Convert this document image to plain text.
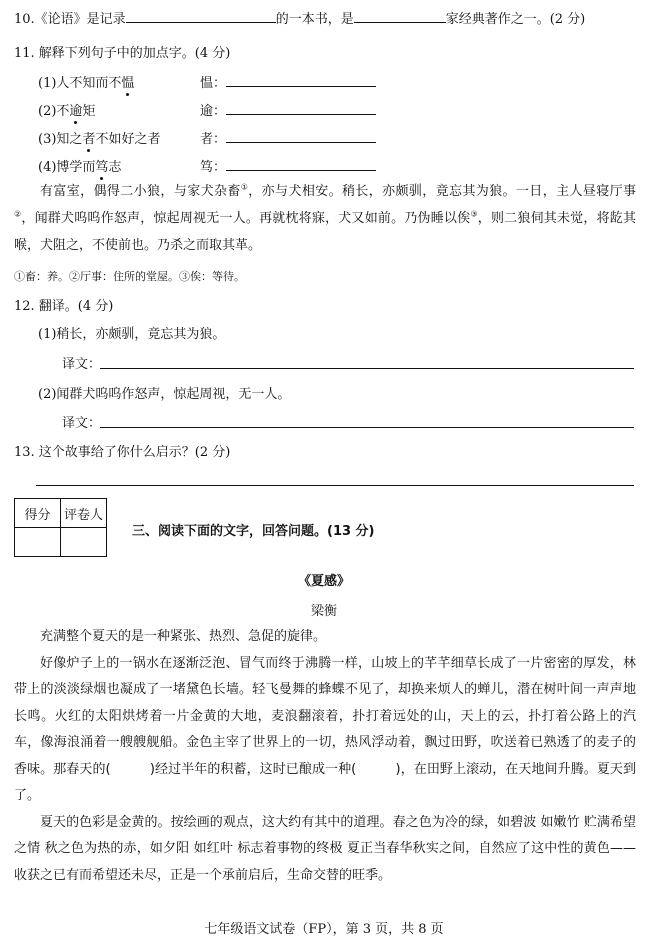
10.《论语》是记录	的一本书，是	家经典著作之一。(2 分)
11. 解释下列句子中的加点字。(4 分)
(1)人不知而不愠	愠：
(2)不逾矩	逾：
(3)知之者不如好之者	者：
(4)博学而笃志	笃：

有富室，偶得二小狼，与家犬杂畜①，亦与犬相安。稍长，亦颇驯，竟忘其为狼。一日，主人昼寝厅事②，闻群犬呜呜作怒声，惊起周视无一人。再就枕将寐，犬又如前。乃伪睡以俟③，则二狼伺其未觉，将龁其喉，犬阻之，不使前也。乃杀之而取其革。

①畜：养。②厅事：住所的堂屋。③俟：等待。
12. 翻译。(4 分)
(1)稍长，亦颇驯，竟忘其为狼。
译文：
(2)闻群犬呜呜作怒声，惊起周视，无一人。
译文：
13. 这个故事给了你什么启示？(2 分)
得分	评卷人

三、阅读下面的文字，回答问题。(13 分)
《夏感》
梁衡

充满整个夏天的是一种紧张、热烈、急促的旋律。

好像炉子上的一锅水在逐渐泛泡、冒气而终于沸腾一样，山坡上的芊芊细草长成了一片密密的厚发，林带上的淡淡绿烟也凝成了一堵黛色长墙。轻飞曼舞的蜂蝶不见了，却换来烦人的蝉儿，潜在树叶间一声声地长鸣。火红的太阳烘烤着一片金黄的大地，麦浪翻滚着，扑打着远处的山，天上的云，扑打着公路上的汽车，像海浪涌着一艘艘舰船。金色主宰了世界上的一切，热风浮动着，飘过田野，吹送着已熟透了的麦子的香味。那春天的(　　　)经过半年的积蓄，这时已酿成一种(　　　)，在田野上滚动，在天地间升腾。夏天到了。

夏天的色彩是金黄的。按绘画的观点，这大约有其中的道理。春之色为冷的绿，如碧波 如嫩竹 贮满希望之情 秋之色为热的赤，如夕阳 如红叶 标志着事物的终极 夏正当春华秋实之间，自然应了这中性的黄色——收获之已有而希望还未尽，正是一个承前启后，生命交替的旺季。

七年级语文试卷（FP），第 3 页，共 8 页
